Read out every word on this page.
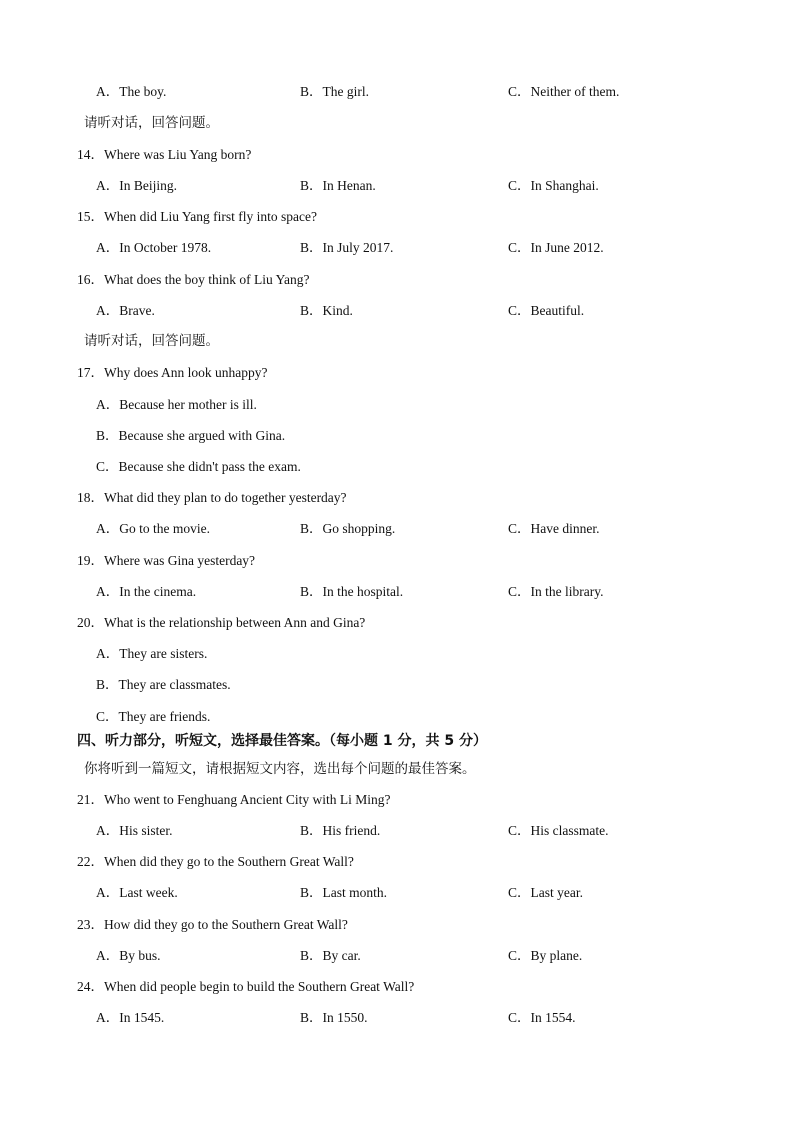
A．The boy.	B．The girl.	C．Neither of them.
请听对话，回答问题。
14．Where was Liu Yang born?
A．In Beijing.	B．In Henan.	C．In Shanghai.
15．When did Liu Yang first fly into space?
A．In October 1978.	B．In July 2017.	C．In June 2012.
16．What does the boy think of Liu Yang?
A．Brave.	B．Kind.	C．Beautiful.
请听对话，回答问题。
17．Why does Ann look unhappy?
A．Because her mother is ill.
B．Because she argued with Gina.
C．Because she didn't pass the exam.
18．What did they plan to do together yesterday?
A．Go to the movie.	B．Go shopping.	C．Have dinner.
19．Where was Gina yesterday?
A．In the cinema.	B．In the hospital.	C．In the library.
20．What is the relationship between Ann and Gina?
A．They are sisters.
B．They are classmates.
C．They are friends.
四、听力部分，听短文，选择最佳答案。（每小题 1 分，共 5 分）
你将听到一篇短文，请根据短文内容，选出每个问题的最佳答案。
21．Who went to Fenghuang Ancient City with Li Ming?
A．His sister.	B．His friend.	C．His classmate.
22．When did they go to the Southern Great Wall?
A．Last week.	B．Last month.	C．Last year.
23．How did they go to the Southern Great Wall?
A．By bus.	B．By car.	C．By plane.
24．When did people begin to build the Southern Great Wall?
A．In 1545.	B．In 1550.	C．In 1554.
